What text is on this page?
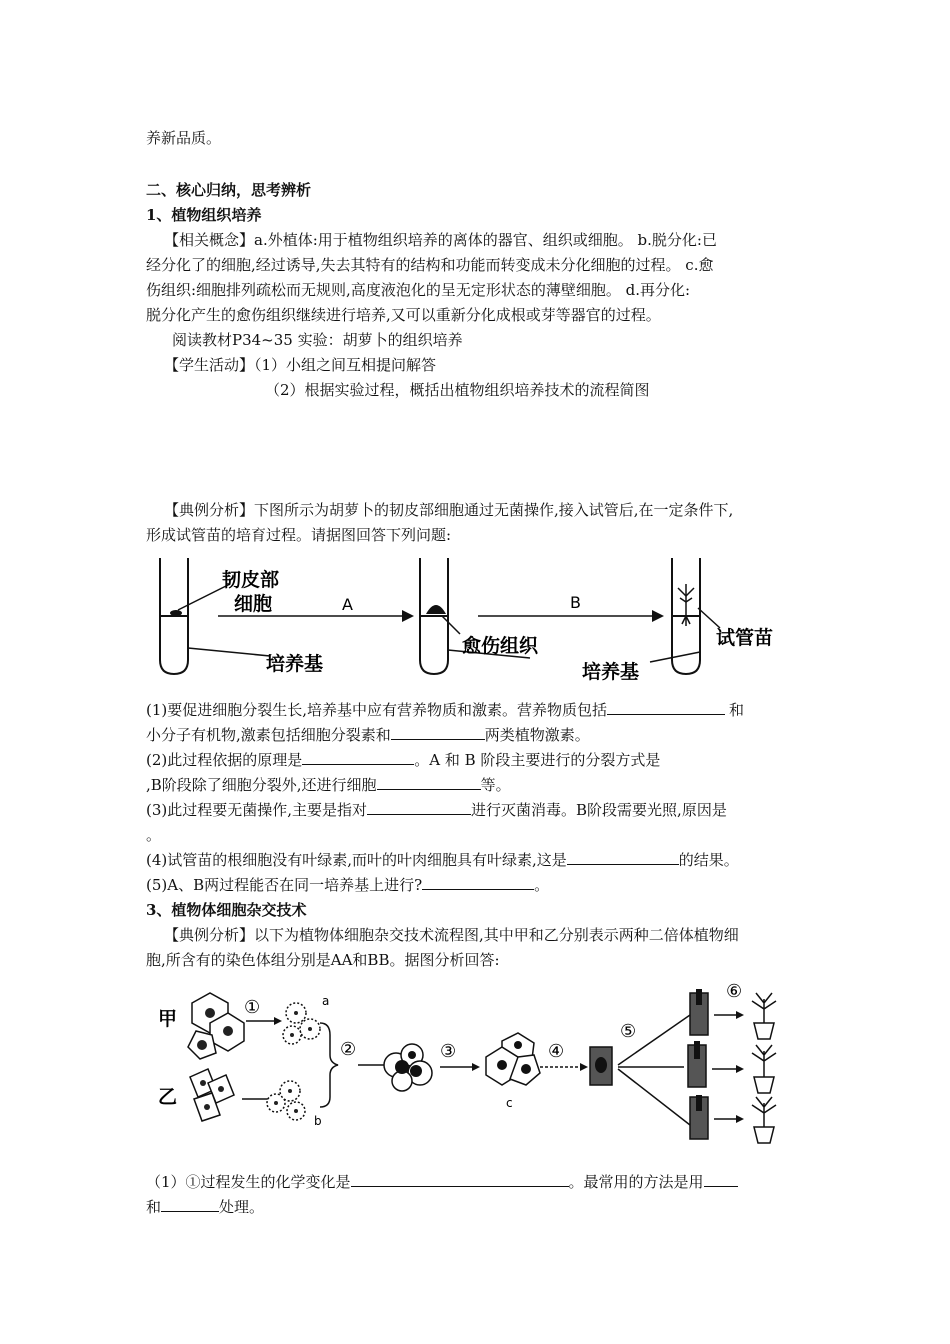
养新品质。
二、核心归纳，思考辨析
1、植物组织培养
【相关概念】a.外植体:用于植物组织培养的离体的器官、组织或细胞。 b.脱分化:已
经分化了的细胞,经过诱导,失去其特有的结构和功能而转变成未分化细胞的过程。 c.愈
伤组织:细胞排列疏松而无规则,高度液泡化的呈无定形状态的薄壁细胞。 d.再分化:
脱分化产生的愈伤组织继续进行培养,又可以重新分化成根或芽等器官的过程。
阅读教材P34~35 实验：胡萝卜的组织培养
【学生活动】（1）小组之间互相提问解答
（2）根据实验过程，概括出植物组织培养技术的流程简图
【典例分析】下图所示为胡萝卜的韧皮部细胞通过无菌操作,接入试管后,在一定条件下,
形成试管苗的培育过程。请据图回答下列问题:
韧皮部
细胞	A	B
培养基
愈伤组织
培养基
试管苗
(1)要促进细胞分裂生长,培养基中应有营养物质和激素。营养物质包括	和
小分子有机物,激素包括细胞分裂素和	两类植物激素。
(2)此过程依据的原理是	。A 和 B 阶段主要进行的分裂方式是
,B阶段除了细胞分裂外,还进行细胞	等。
(3)此过程要无菌操作,主要是指对	进行灭菌消毒。B阶段需要光照,原因是
。
(4)试管苗的根细胞没有叶绿素,而叶的叶肉细胞具有叶绿素,这是	的结果。
(5)A、B两过程能否在同一培养基上进行?	。
3、植物体细胞杂交技术
【典例分析】以下为植物体细胞杂交技术流程图,其中甲和乙分别表示两种二倍体植物细
胞,所含有的染色体组分别是AA和BB。据图分析回答:
甲
乙
a
b
①
②	③	④
⑤
⑥
c
（1）①过程发生的化学变化是	。最常用的方法是用
和	处理。
